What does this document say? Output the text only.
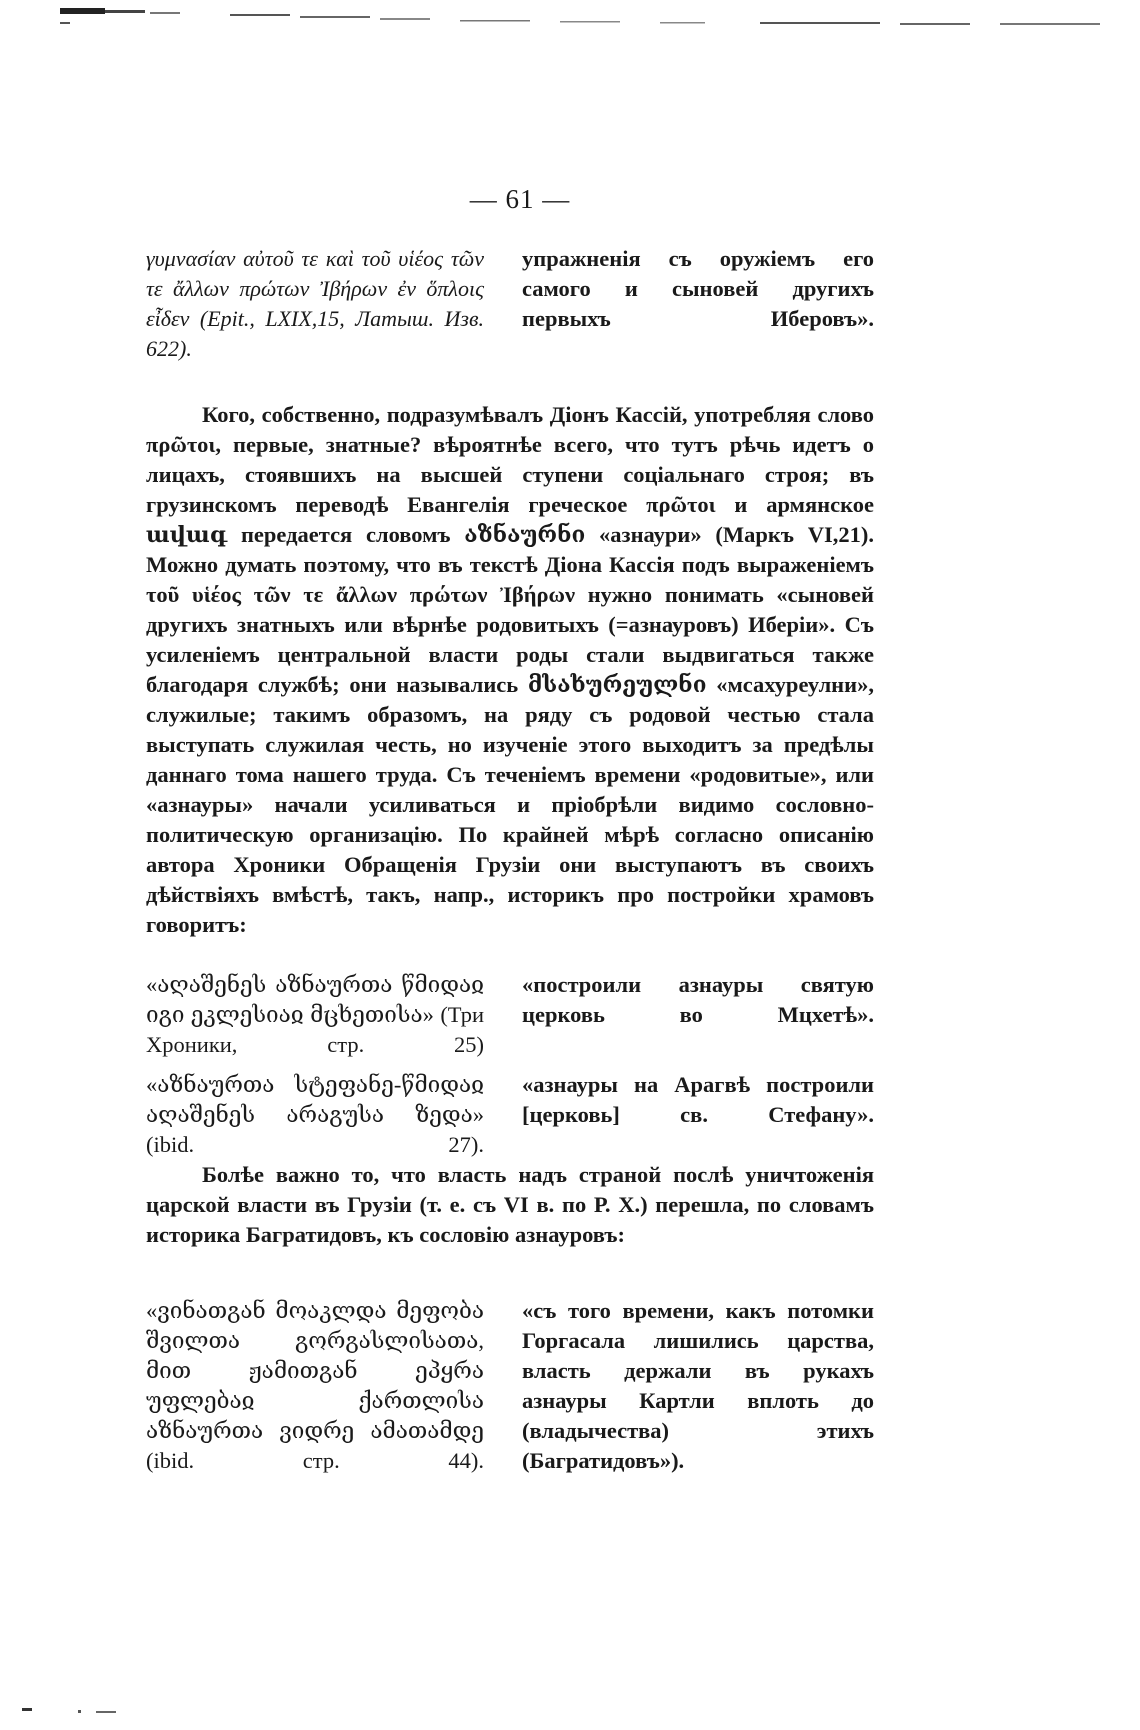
— 61 —

γυμνασίαν αὐτοῦ τε καὶ τοῦ υἱέος τῶν τε ἄλλων πρώτων Ἰβήρων ἐν ὅπλοις εἶδεν (Epit., LXIX,15, Латыш. Изв. 622).

упражненія съ оружіемъ его самого и сыновей другихъ первыхъ Иберовъ».

Кого, собственно, подразумѣвалъ Діонъ Кассій, употребляя слово πρῶτοι, первые, знатные? вѣроятнѣе всего, что тутъ рѣчь идетъ о лицахъ, стоявшихъ на высшей ступени соціальнаго строя; въ грузинскомъ переводѣ Евангелія греческое πρῶτοι и армянское ավագ передается словомъ აზნაურნი «азнаури» (Маркъ VI,21). Можно думать поэтому, что въ текстѣ Діона Кассія подъ выраженіемъ τοῦ υἱέος τῶν τε ἄλλων πρώτων Ἰβήρων нужно понимать «сыновей другихъ знатныхъ или вѣрнѣе родовитыхъ (=азнауровъ) Иберіи». Съ усиленіемъ центральной власти роды стали выдвигаться также благодаря службѣ; они назывались მსახურეულნი «мсахуреулни», служилые; такимъ образомъ, на ряду съ родовой честью стала выступать служилая честь, но изученіе этого выходитъ за предѣлы даннаго тома нашего труда. Съ теченіемъ времени «родовитые», или «азнауры» начали усиливаться и пріобрѣли видимо сословно-политическую организацію. По крайней мѣрѣ согласно описанію автора Хроники Обращенія Грузіи они выступаютъ въ своихъ дѣйствіяхъ вмѣстѣ, такъ, напр., историкъ про постройки храмовъ говоритъ:

«აღაშენეს აზნაურთა წმიდაჲ იგი ეკლესიაჲ მცხეთისა» (Три Хроники, стр. 25)

«построили азнауры святую церковь во Мцхетѣ».

«აზნაურთა სტეფანე-წმიდაჲ აღაშენეს არაგუსა ზედა» (ibid. 27).

«азнауры на Арагвѣ построили [церковь] св. Стефану».

Болѣе важно то, что власть надъ страной послѣ уничтоженія царской власти въ Грузіи (т. е. съ VI в. по Р. Х.) перешла, по словамъ историка Багратидовъ, къ сословію азнауровъ:

«ვინათგან მოაკლდა მეფობა შვილთა გორგასლისათა, მით ჟამითგან ეპყრა უფლებაჲ ქართლისა აზნაურთა ვიდრე ამათამდე (ibid. стр. 44).

«съ того времени, какъ потомки Горгасала лишились царства, власть держали въ рукахъ азнауры Картли вплоть до (владычества) этихъ (Багратидовъ»).
